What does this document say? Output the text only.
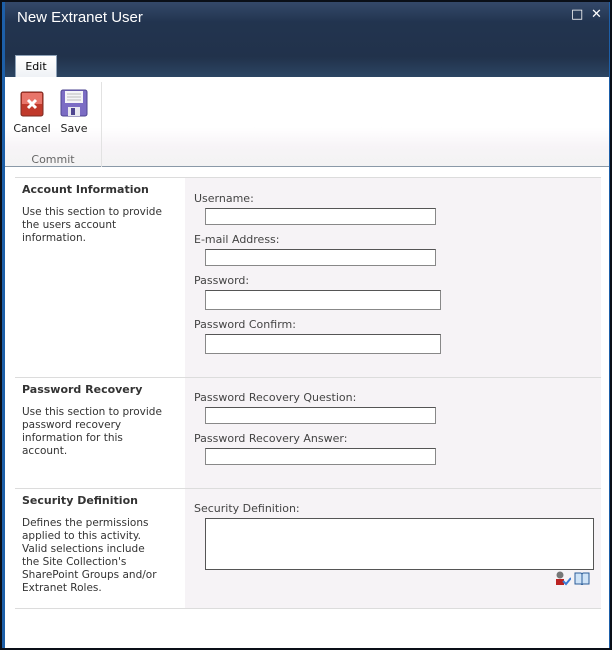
New Extranet User	□ ✕
Edit
Cancel Save
Commit
Account Information
Use this section to provide the users account information.
Username:
E-mail Address:
Password:
Password Confirm:
Password Recovery
Use this section to provide password recovery information for this account.
Password Recovery Question:
Password Recovery Answer:
Security Definition
Defines the permissions applied to this activity. Valid selections include the Site Collection's SharePoint Groups and/or Extranet Roles.
Security Definition:
